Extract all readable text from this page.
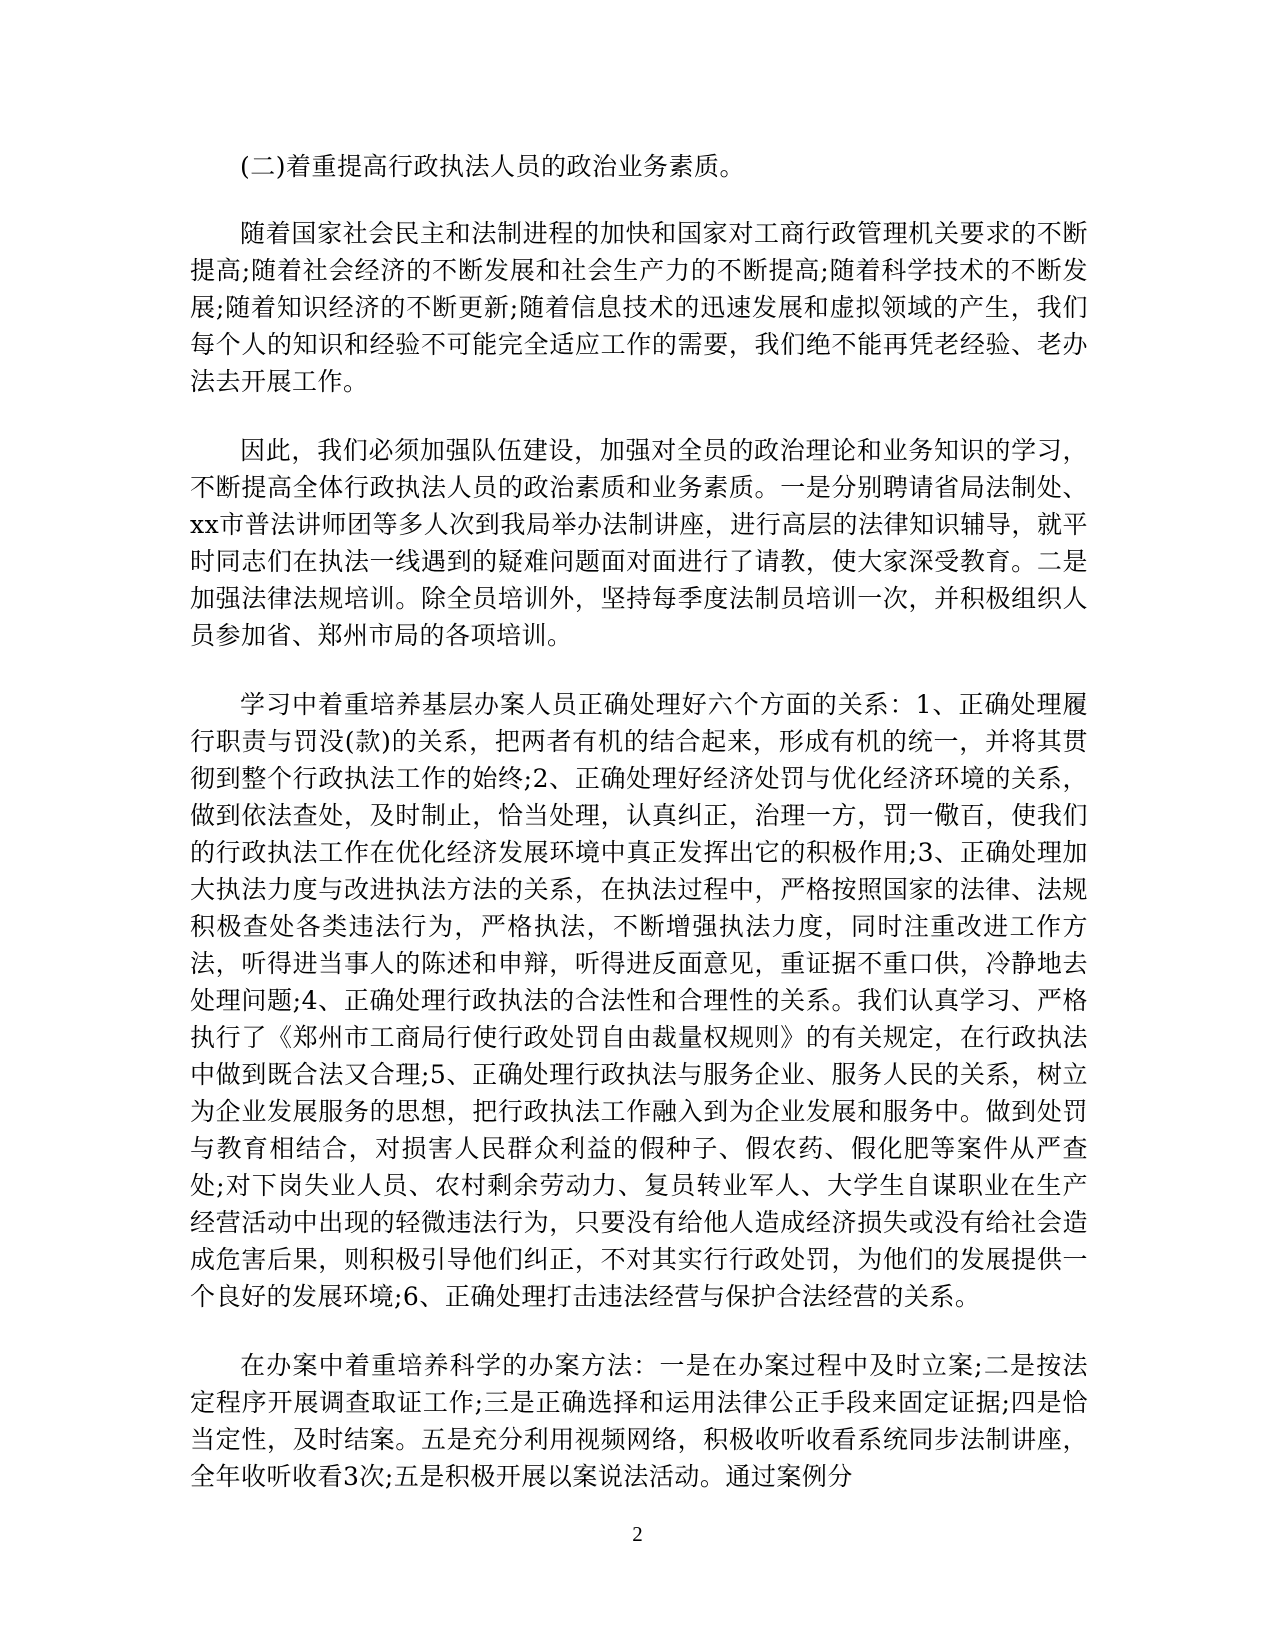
(二)着重提高行政执法人员的政治业务素质。

随着国家社会民主和法制进程的加快和国家对工商行政管理机关要求的不断提高;随着社会经济的不断发展和社会生产力的不断提高;随着科学技术的不断发展;随着知识经济的不断更新;随着信息技术的迅速发展和虚拟领域的产生，我们每个人的知识和经验不可能完全适应工作的需要，我们绝不能再凭老经验、老办法去开展工作。

因此，我们必须加强队伍建设，加强对全员的政治理论和业务知识的学习，不断提高全体行政执法人员的政治素质和业务素质。一是分别聘请省局法制处、xx市普法讲师团等多人次到我局举办法制讲座，进行高层的法律知识辅导，就平时同志们在执法一线遇到的疑难问题面对面进行了请教，使大家深受教育。二是加强法律法规培训。除全员培训外，坚持每季度法制员培训一次，并积极组织人员参加省、郑州市局的各项培训。

学习中着重培养基层办案人员正确处理好六个方面的关系：1、正确处理履行职责与罚没(款)的关系，把两者有机的结合起来，形成有机的统一，并将其贯彻到整个行政执法工作的始终;2、正确处理好经济处罚与优化经济环境的关系，做到依法查处，及时制止，恰当处理，认真纠正，治理一方，罚一儆百，使我们的行政执法工作在优化经济发展环境中真正发挥出它的积极作用;3、正确处理加大执法力度与改进执法方法的关系，在执法过程中，严格按照国家的法律、法规积极查处各类违法行为，严格执法，不断增强执法力度，同时注重改进工作方法，听得进当事人的陈述和申辩，听得进反面意见，重证据不重口供，冷静地去处理问题;4、正确处理行政执法的合法性和合理性的关系。我们认真学习、严格执行了《郑州市工商局行使行政处罚自由裁量权规则》的有关规定，在行政执法中做到既合法又合理;5、正确处理行政执法与服务企业、服务人民的关系，树立为企业发展服务的思想，把行政执法工作融入到为企业发展和服务中。做到处罚与教育相结合，对损害人民群众利益的假种子、假农药、假化肥等案件从严查处;对下岗失业人员、农村剩余劳动力、复员转业军人、大学生自谋职业在生产经营活动中出现的轻微违法行为，只要没有给他人造成经济损失或没有给社会造成危害后果，则积极引导他们纠正，不对其实行行政处罚，为他们的发展提供一个良好的发展环境;6、正确处理打击违法经营与保护合法经营的关系。

在办案中着重培养科学的办案方法：一是在办案过程中及时立案;二是按法定程序开展调查取证工作;三是正确选择和运用法律公正手段来固定证据;四是恰当定性，及时结案。五是充分利用视频网络，积极收听收看系统同步法制讲座，全年收听收看3次;五是积极开展以案说法活动。通过案例分

2
